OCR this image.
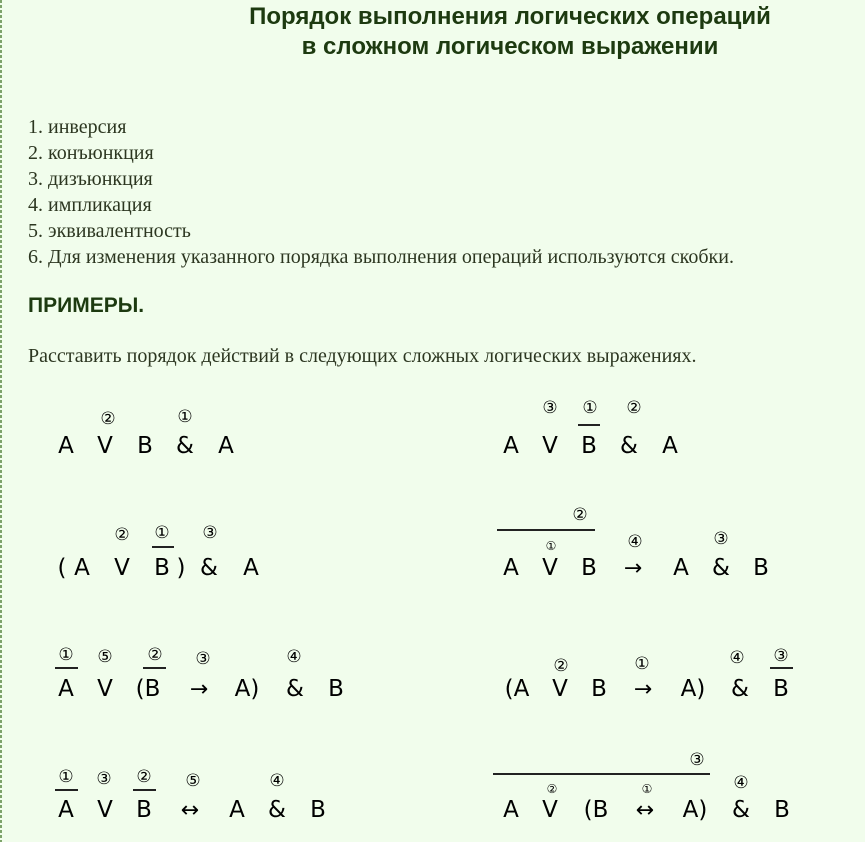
Порядок выполнения логических операций
в сложном логическом выражении
1. инверсия
2. конъюнкция
3. дизъюнкция
4. импликация
5. эквивалентность
6. Для изменения указанного порядка выполнения операций используются скобки.
ПРИМЕРЫ.
Расставить порядок действий в следующих сложных логических выражениях.
A V B & A
②	①
A V B & A
③ ① ②
( A V B ) & A
② ① ③
A V B → A & B
②
①	④	③
A V (B → A) & B
① ⑤ ② ③	④
(A V B → A) & B
②	①	④ ③
A V B ↔ A & B
① ③ ② ⑤	④
A V (B ↔ A) & B
③
②	①	④
